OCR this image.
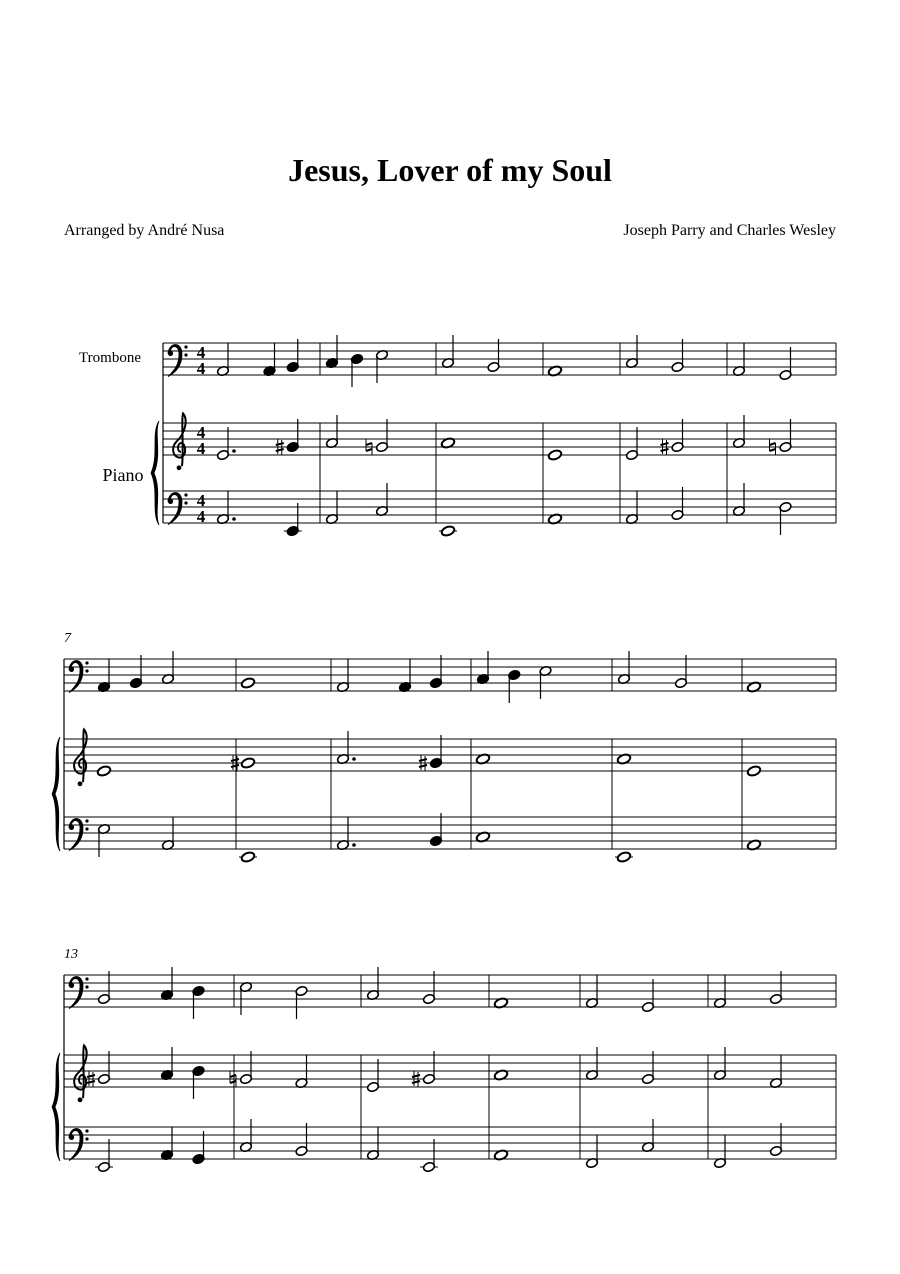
Jesus, Lover of my Soul
Arranged by André Nusa	Joseph Parry and Charles Wesley
Trombone
Piano
4
4
4
4
4
4
7
13
